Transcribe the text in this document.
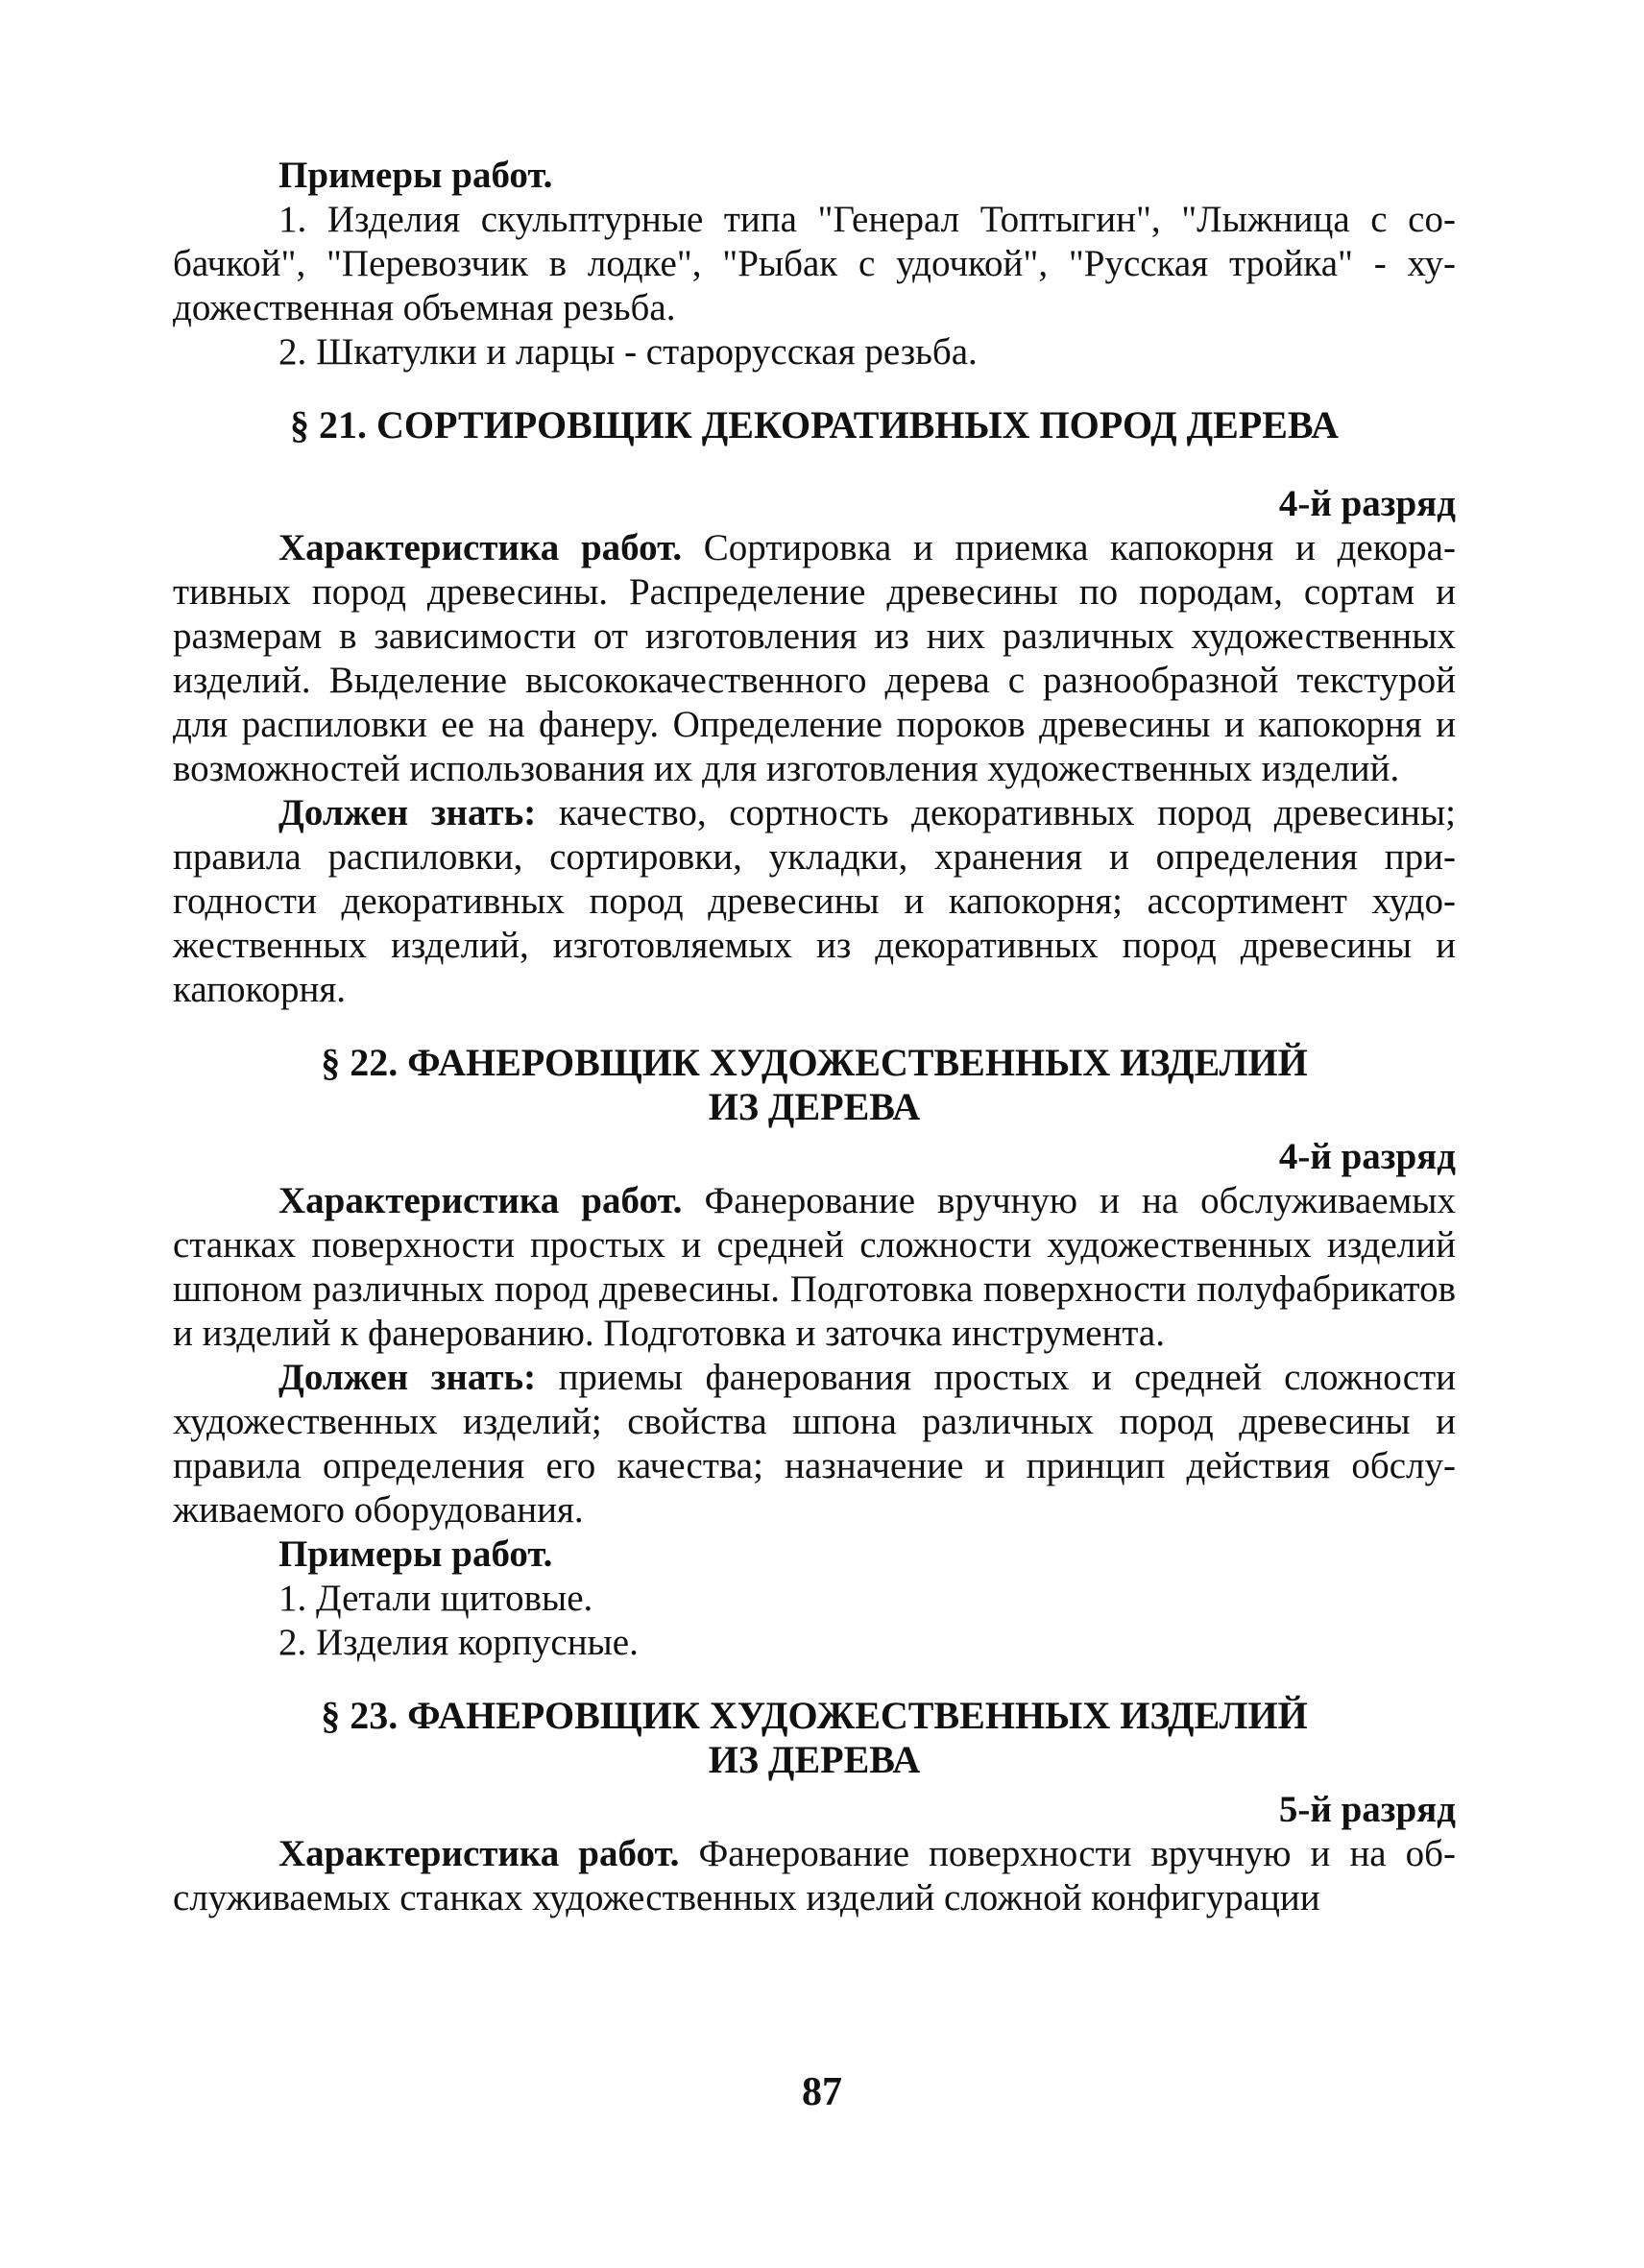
Примеры работ.

1. Изделия скульптурные типа "Генерал Топтыгин", "Лыжница с собачкой", "Перевозчик в лодке", "Рыбак с удочкой", "Русская тройка" - художественная объемная резьба.

2. Шкатулки и ларцы - старорусская резьба.

§ 21. СОРТИРОВЩИК ДЕКОРАТИВНЫХ ПОРОД ДЕРЕВА

4-й разряд

Характеристика работ. Сортировка и приемка капокорня и декоративных пород древесины. Распределение древесины по породам, сортам и размерам в зависимости от изготовления из них различных художественных изделий. Выделение высококачественного дерева с разнообразной текстурой для распиловки ее на фанеру. Определение пороков древесины и капокорня и возможностей использования их для изготовления художественных изделий.

Должен знать: качество, сортность декоративных пород древесины; правила распиловки, сортировки, укладки, хранения и определения пригодности декоративных пород древесины и капокорня; ассортимент художественных изделий, изготовляемых из декоративных пород древесины и капокорня.

§ 22. ФАНЕРОВЩИК ХУДОЖЕСТВЕННЫХ ИЗДЕЛИЙ

ИЗ ДЕРЕВА

4-й разряд

Характеристика работ. Фанерование вручную и на обслуживаемых станках поверхности простых и средней сложности художественных изделий шпоном различных пород древесины. Подготовка поверхности полуфабрикатов и изделий к фанерованию. Подготовка и заточка инструмента.

Должен знать: приемы фанерования простых и средней сложности художественных изделий; свойства шпона различных пород древесины и правила определения его качества; назначение и принцип действия обслуживаемого оборудования.

Примеры работ.

1. Детали щитовые.

2. Изделия корпусные.

§ 23. ФАНЕРОВЩИК ХУДОЖЕСТВЕННЫХ ИЗДЕЛИЙ

ИЗ ДЕРЕВА

5-й разряд

Характеристика работ. Фанерование поверхности вручную и на обслуживаемых станках художественных изделий сложной конфигурации

87
